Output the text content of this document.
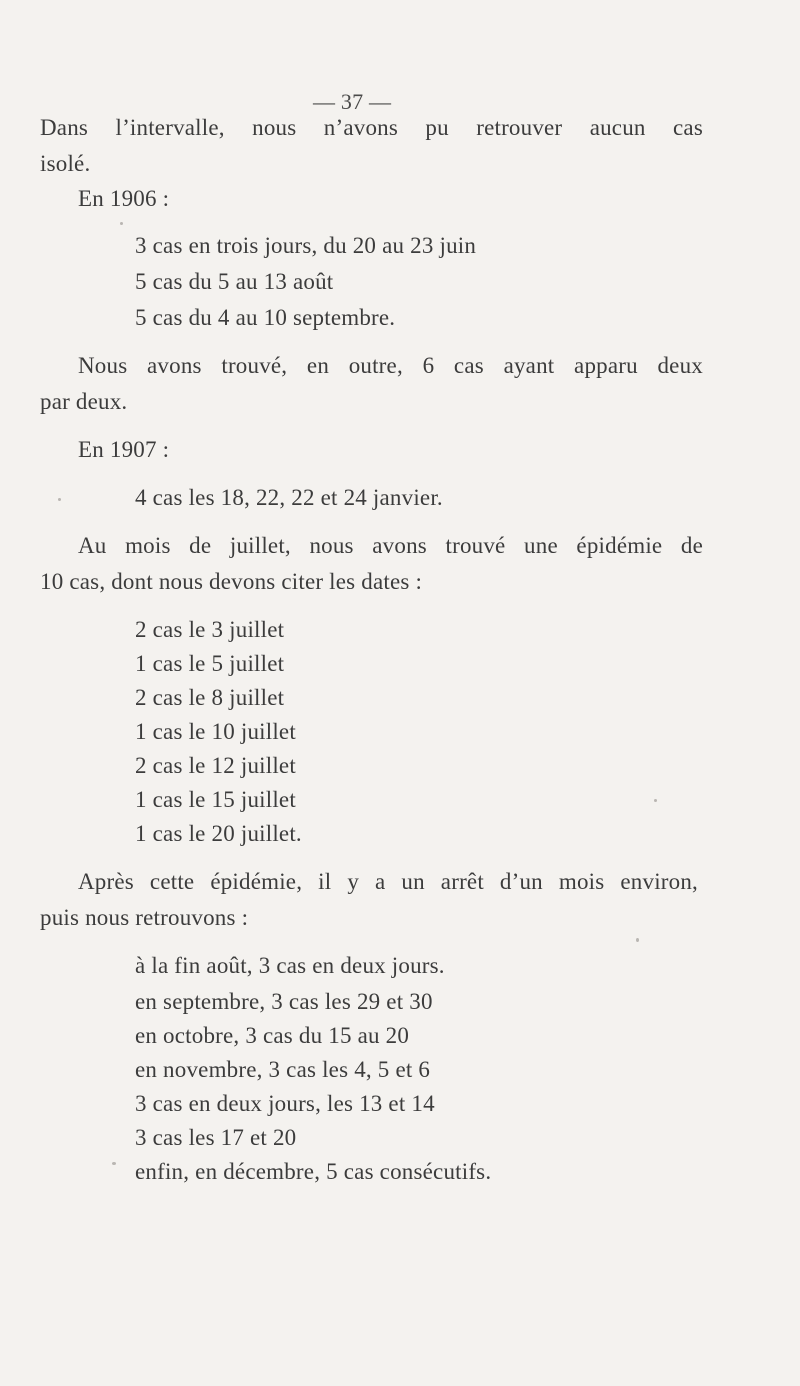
— 37 —
Dans l’intervalle, nous n’avons pu retrouver aucun cas
isolé.
En 1906 :
3 cas en trois jours, du 20 au 23 juin
5 cas du 5 au 13 août
5 cas du 4 au 10 septembre.
Nous avons trouvé, en outre, 6 cas ayant apparu deux
par deux.
En 1907 :
4 cas les 18, 22, 22 et 24 janvier.
Au mois de juillet, nous avons trouvé une épidémie de
10 cas, dont nous devons citer les dates :
2 cas le 3 juillet
1 cas le 5 juillet
2 cas le 8 juillet
1 cas le 10 juillet
2 cas le 12 juillet
1 cas le 15 juillet
1 cas le 20 juillet.
Après cette épidémie, il y a un arrêt d’un mois environ,
puis nous retrouvons :
à la fin août, 3 cas en deux jours.
en septembre, 3 cas les 29 et 30
en octobre, 3 cas du 15 au 20
en novembre, 3 cas les 4, 5 et 6
3 cas en deux jours, les 13 et 14
3 cas les 17 et 20
enfin, en décembre, 5 cas consécutifs.
